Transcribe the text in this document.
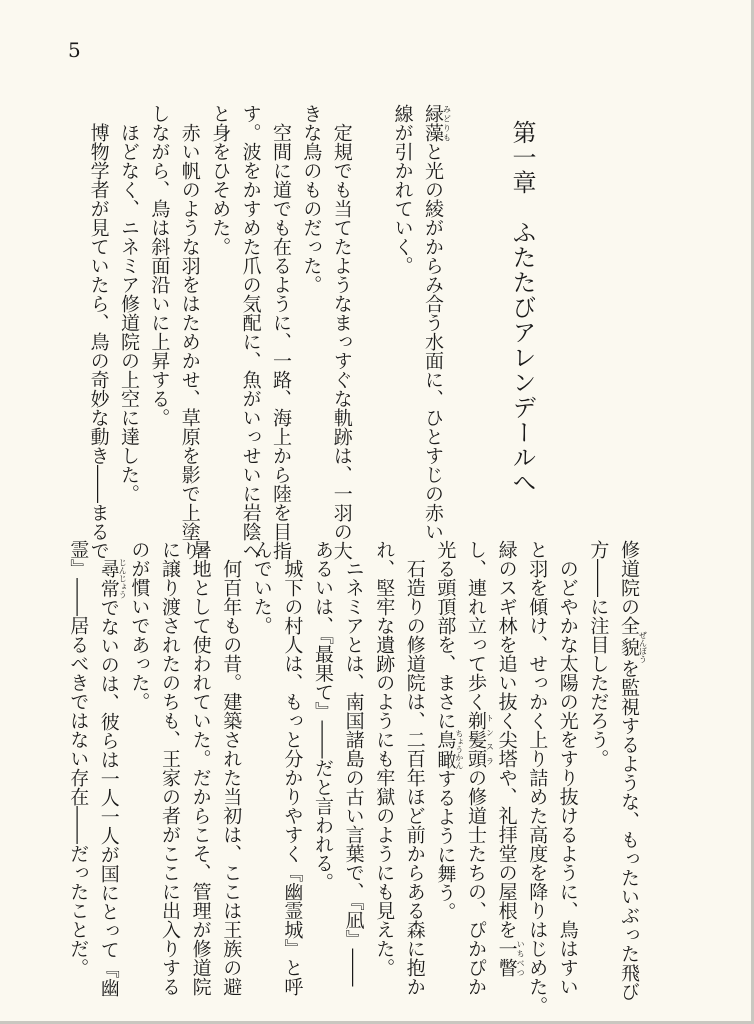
5
第一章　ふたたびアレンデールへ
緑藻みどりもと光の綾がからみ合う水面に、ひとすじの赤い
線が引かれていく。
　定規でも当てたようなまっすぐな軌跡は、一羽の大
きな鳥のものだった。
　空間に道でも在るように、一路、海上から陸を目指
す。波をかすめた爪の気配に、魚がいっせいに岩陰へ
と身をひそめた。
　赤い帆のような羽をはためかせ、草原を影で上塗り
しながら、鳥は斜面沿いに上昇する。
　ほどなく、ニネミア修道院の上空に達した。
　博物学者が見ていたら、鳥の奇妙な動き――まるで
修道院の全貌ぜんぼうを監視するような、もったいぶった飛び
方――に注目しただろう。
　のどやかな太陽の光をすり抜けるように、鳥はすい
と羽を傾け、せっかく上り詰めた高度を降りはじめた。
緑のスギ林を追い抜く尖塔や、礼拝堂の屋根を一瞥いちべつ
し、連れ立って歩く剃髪頭トンスラの修道士たちの、ぴかぴか
光る頭頂部を、まさに鳥瞰ちょうかんするように舞う。
　石造りの修道院は、二百年ほど前からある森に抱か
れ、堅牢な遺跡のようにも牢獄のようにも見えた。
　ニネミアとは、南国諸島の古い言葉で、『凪』――
あるいは、『最果て』――だと言われる。
　城下の村人は、もっと分かりやすく『幽霊城』と呼
んでいた。
　何百年もの昔。建築された当初は、ここは王族の避
暑地として使われていた。だからこそ、管理が修道院
に譲り渡されたのちも、王家の者がここに出入りする
のが慣いであった。
　尋常じんじょうでないのは、彼らは一人一人が国にとって『幽
霊』――居るべきではない存在――だったことだ。
